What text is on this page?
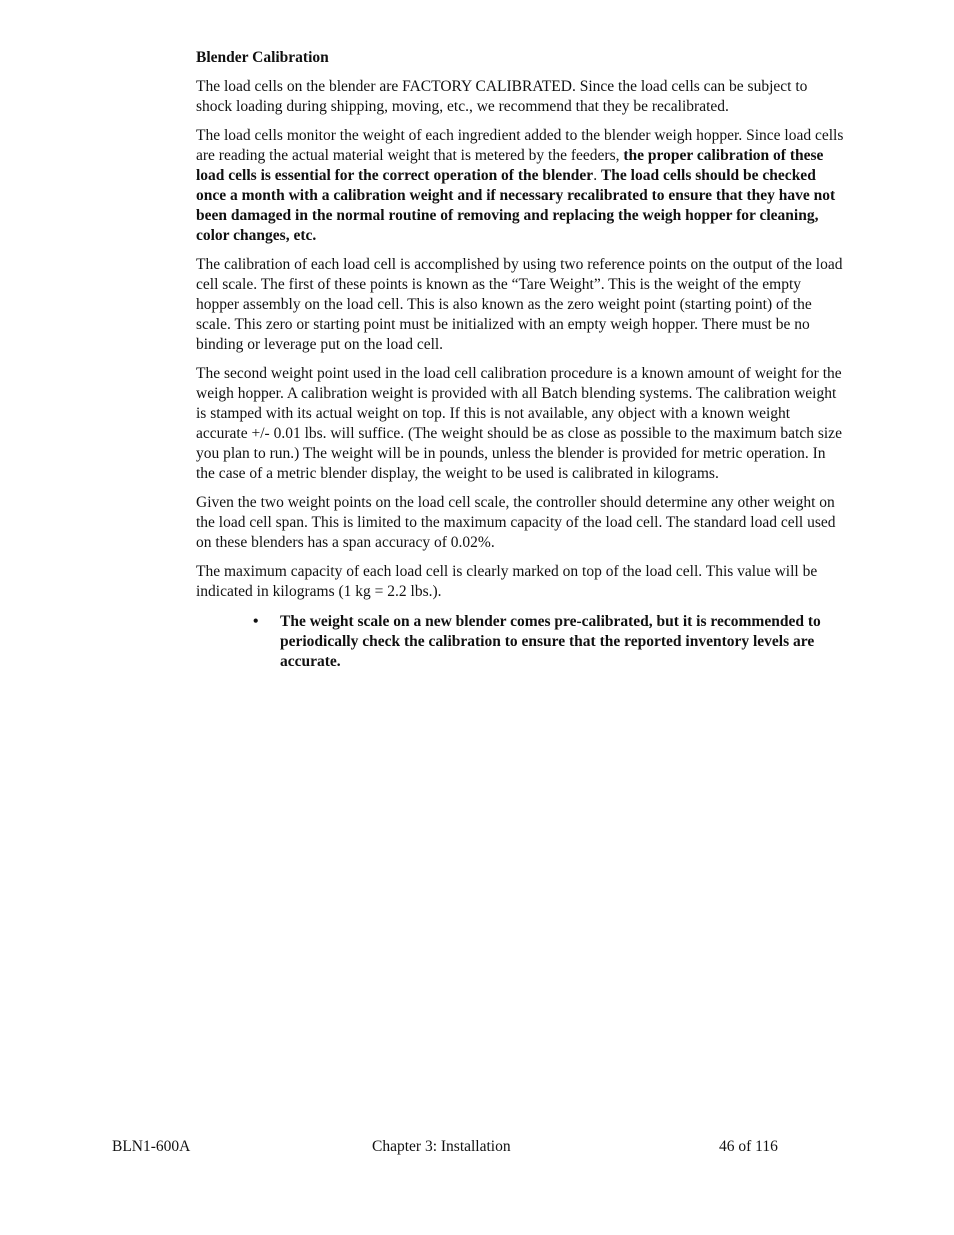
Blender Calibration

The load cells on the blender are FACTORY CALIBRATED. Since the load cells can be subject to shock loading during shipping, moving, etc., we recommend that they be recalibrated.

The load cells monitor the weight of each ingredient added to the blender weigh hopper. Since load cells are reading the actual material weight that is metered by the feeders, the proper calibration of these load cells is essential for the correct operation of the blender. The load cells should be checked once a month with a calibration weight and if necessary recalibrated to ensure that they have not been damaged in the normal routine of removing and replacing the weigh hopper for cleaning, color changes, etc.

The calibration of each load cell is accomplished by using two reference points on the output of the load cell scale. The first of these points is known as the “Tare Weight”. This is the weight of the empty hopper assembly on the load cell. This is also known as the zero weight point (starting point) of the scale. This zero or starting point must be initialized with an empty weigh hopper. There must be no binding or leverage put on the load cell.

The second weight point used in the load cell calibration procedure is a known amount of weight for the weigh hopper. A calibration weight is provided with all Batch blending systems. The calibration weight is stamped with its actual weight on top. If this is not available, any object with a known weight accurate +/- 0.01 lbs. will suffice. (The weight should be as close as possible to the maximum batch size you plan to run.) The weight will be in pounds, unless the blender is provided for metric operation. In the case of a metric blender display, the weight to be used is calibrated in kilograms.

Given the two weight points on the load cell scale, the controller should determine any other weight on the load cell span. This is limited to the maximum capacity of the load cell. The standard load cell used on these blenders has a span accuracy of 0.02%.

The maximum capacity of each load cell is clearly marked on top of the load cell. This value will be indicated in kilograms (1 kg = 2.2 lbs.).

• The weight scale on a new blender comes pre-calibrated, but it is recommended to periodically check the calibration to ensure that the reported inventory levels are accurate.
BLN1-600A	Chapter 3: Installation	46 of 116
